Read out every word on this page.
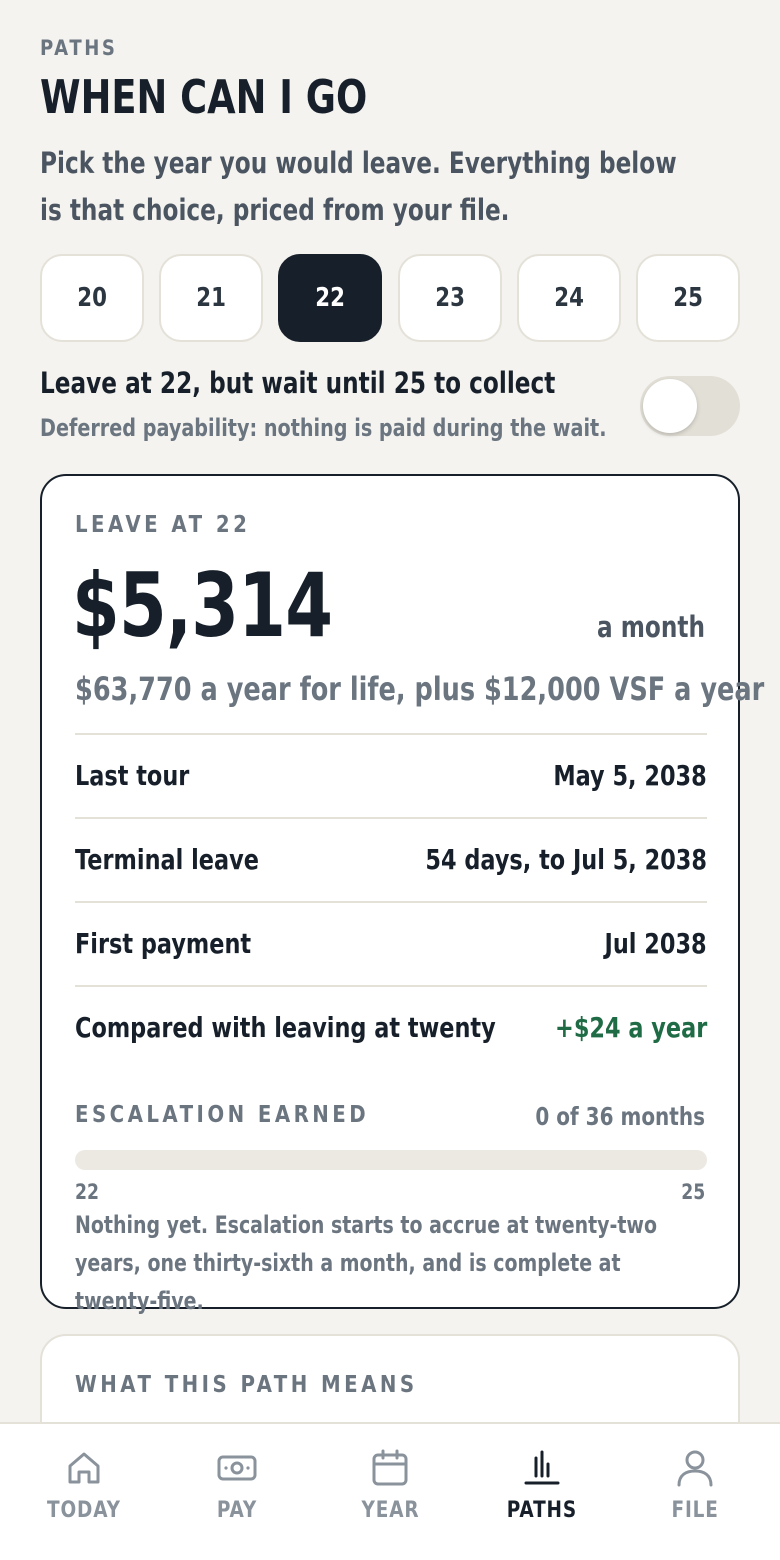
PATHS
WHEN CAN I GO
Pick the year you would leave. Everything below is that choice, priced from your file.
20	21	22	23	24	25
Leave at 22, but wait until 25 to collect
Deferred payability: nothing is paid during the wait.
LEAVE AT 22
$5,314	a month
$63,770 a year for life, plus $12,000 VSF a year
Last tour	May 5, 2038
Terminal leave	54 days, to Jul 5, 2038
First payment	Jul 2038
Compared with leaving at twenty +$24 a year
ESCALATION EARNED	0 of 36 months
22	25
Nothing yet. Escalation starts to accrue at twenty-two years, one thirty-sixth a month, and is complete at twenty-five.
WHAT THIS PATH MEANS
TODAY	PAY	YEAR	PATHS	FILE
